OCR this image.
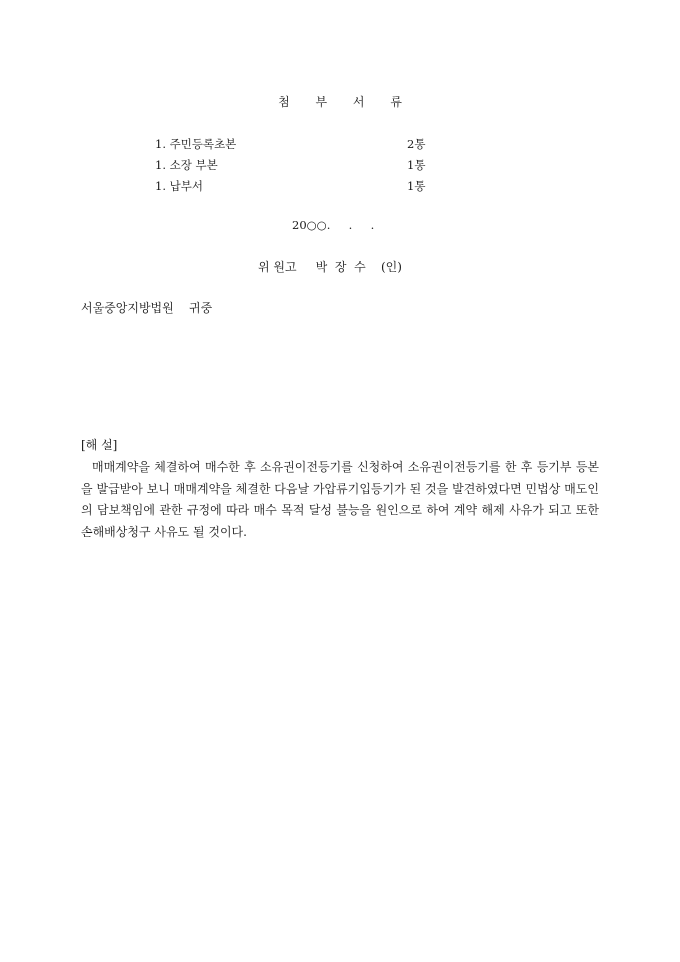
첨 부 서 류
1. 주민등록초본	2통
1. 소장 부본	1통
1. 납부서	1통
20○○.     .     .
위 원고     박  장  수    (인)
서울중앙지방법원    귀중
[해 설]

매매계약을 체결하여 매수한 후 소유권이전등기를 신청하여 소유권이전등기를 한 후 등기부 등본을 발급받아 보니 매매계약을 체결한 다음날 가압류기입등기가 된 것을 발견하였다면 민법상 매도인의 담보책임에 관한 규정에 따라 매수 목적 달성 불능을 원인으로 하여 계약 해제 사유가 되고 또한 손해배상청구 사유도 될 것이다.
